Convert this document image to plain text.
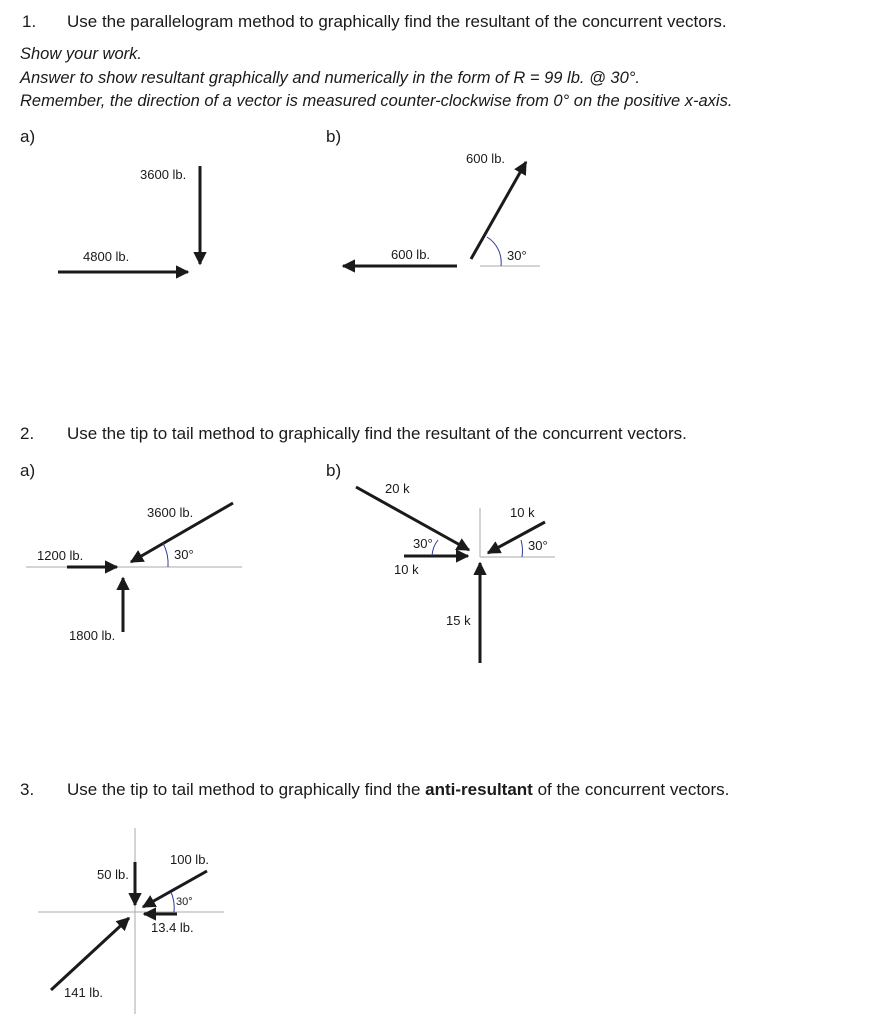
1. Use the parallelogram method to graphically find the resultant of the concurrent vectors.
Show your work.
Answer to show resultant graphically and numerically in the form of R = 99 lb. @ 30°.
Remember, the direction of a vector is measured counter-clockwise from 0° on the positive x-axis.
a)	b)
3600 lb.
4800 lb.
600 lb.
600 lb.	30°
2. Use the tip to tail method to graphically find the resultant of the concurrent vectors.
a)	b)
3600 lb.
1200 lb.
1800 lb.
30°
20 k
10 k
10 k
15 k
30°	30°
3. Use the tip to tail method to graphically find the anti-resultant of the concurrent vectors.
100 lb.
50 lb.
13.4 lb.
141 lb.
30°
